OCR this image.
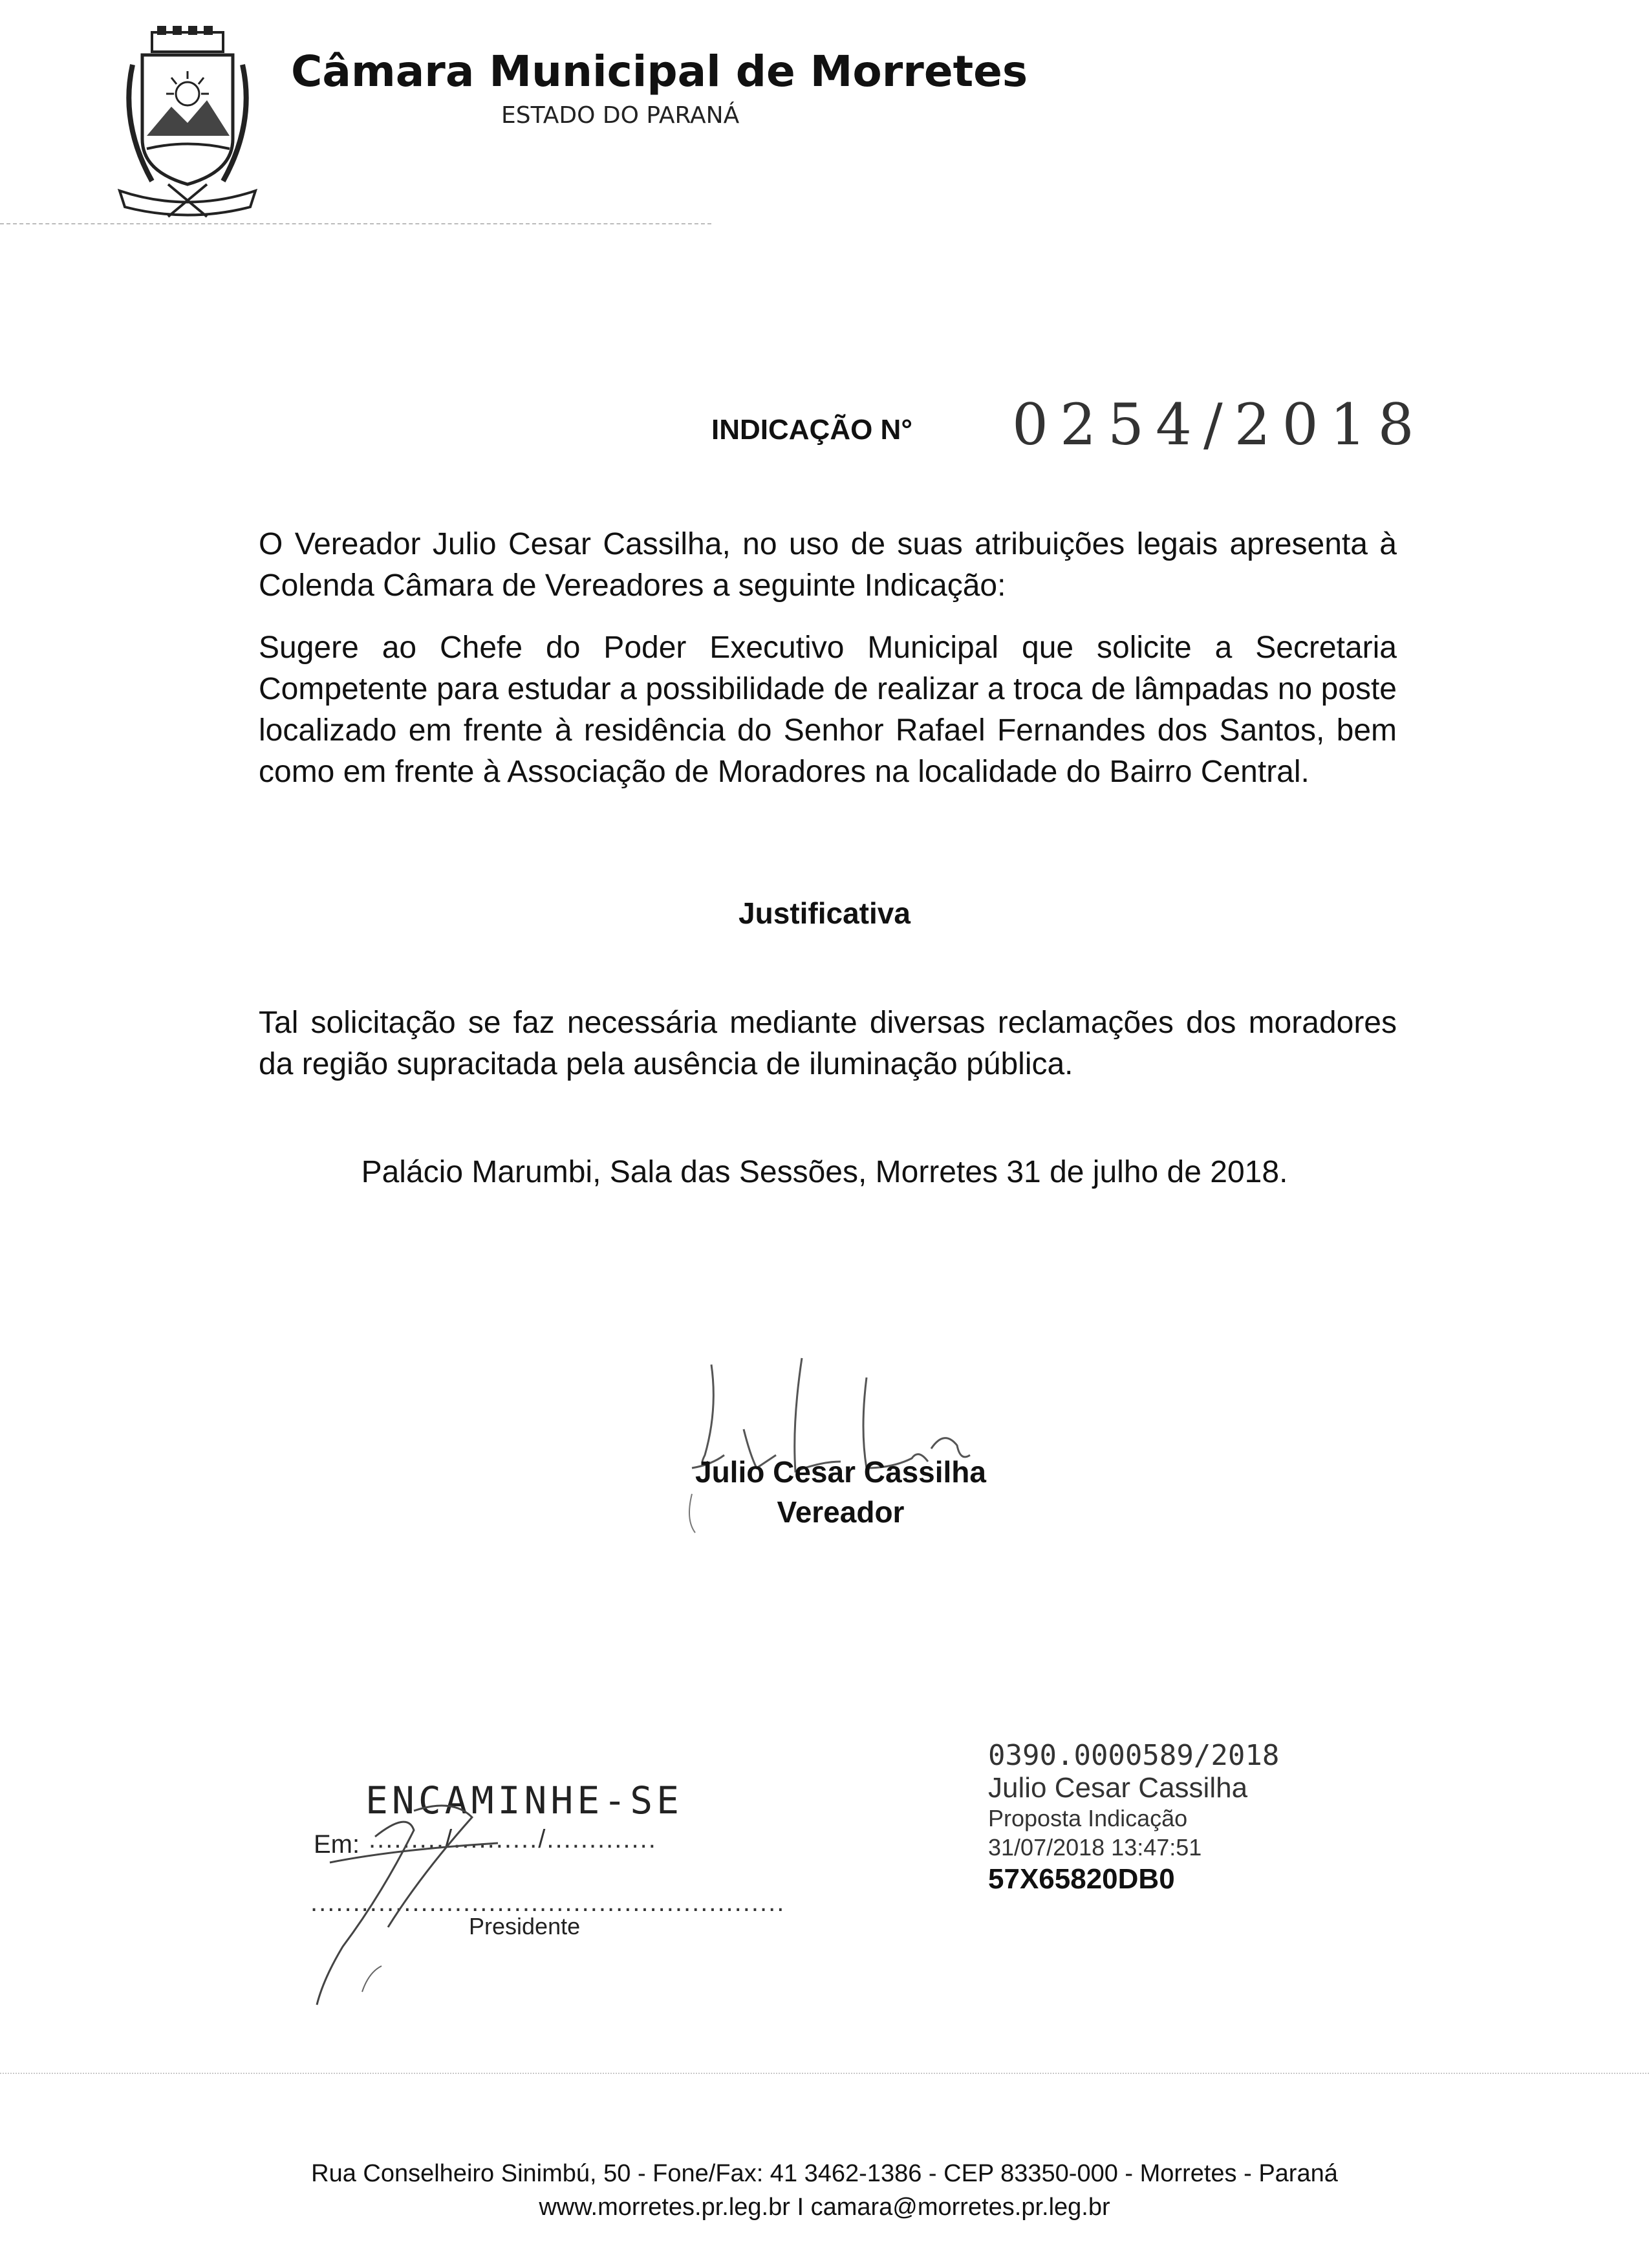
Câmara Municipal de Morretes
ESTADO DO PARANÁ
INDICAÇÃO N° 0254/2018
O Vereador Julio Cesar Cassilha, no uso de suas atribuições legais apresenta à Colenda Câmara de Vereadores a seguinte Indicação:
Sugere ao Chefe do Poder Executivo Municipal que solicite a Secretaria Competente para estudar a possibilidade de realizar a troca de lâmpadas no poste localizado em frente à residência do Senhor Rafael Fernandes dos Santos, bem como em frente à Associação de Moradores na localidade do Bairro Central.
Justificativa
Tal solicitação se faz necessária mediante diversas reclamações dos moradores da região supracitada pela ausência de iluminação pública.
Palácio Marumbi, Sala das Sessões, Morretes 31 de julho de 2018.
Julio Cesar Cassilha
Vereador
ENCAMINHE-SE
Em: ........./........../.............
........................................................
Presidente
0390.0000589/2018
Julio Cesar Cassilha
Proposta Indicação
31/07/2018 13:47:51
57X65820DB0
Rua Conselheiro Sinimbú, 50 - Fone/Fax: 41 3462-1386 - CEP 83350-000 - Morretes - Paraná
www.morretes.pr.leg.br I camara@morretes.pr.leg.br
